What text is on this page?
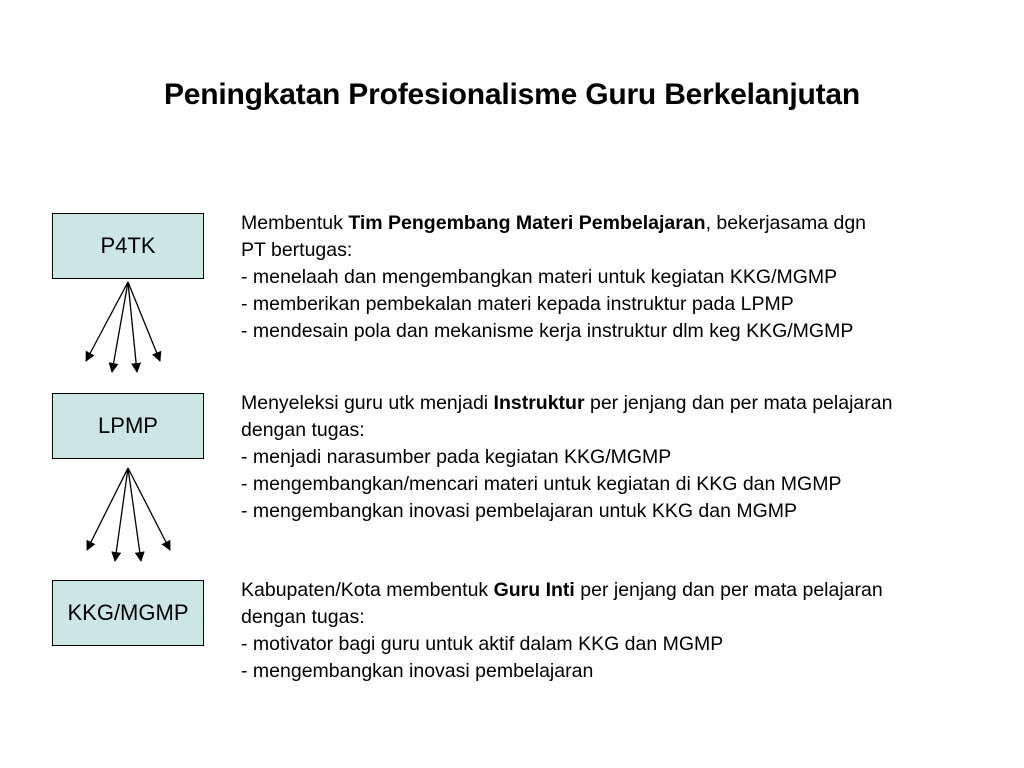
Peningkatan Profesionalisme Guru Berkelanjutan
P4TK
LPMP
KKG/MGMP
Membentuk Tim Pengembang Materi Pembelajaran, bekerjasama dgn
PT bertugas:
- menelaah dan mengembangkan materi untuk kegiatan KKG/MGMP
- memberikan pembekalan materi kepada instruktur pada LPMP
- mendesain pola dan mekanisme kerja instruktur dlm keg KKG/MGMP
Menyeleksi guru utk menjadi Instruktur per jenjang dan per mata pelajaran
dengan tugas:
- menjadi narasumber pada kegiatan KKG/MGMP
- mengembangkan/mencari materi untuk kegiatan di KKG dan MGMP
- mengembangkan inovasi pembelajaran untuk KKG dan MGMP
Kabupaten/Kota membentuk Guru Inti per jenjang dan per mata pelajaran
dengan tugas:
- motivator bagi guru untuk aktif dalam KKG dan MGMP
- mengembangkan inovasi pembelajaran
